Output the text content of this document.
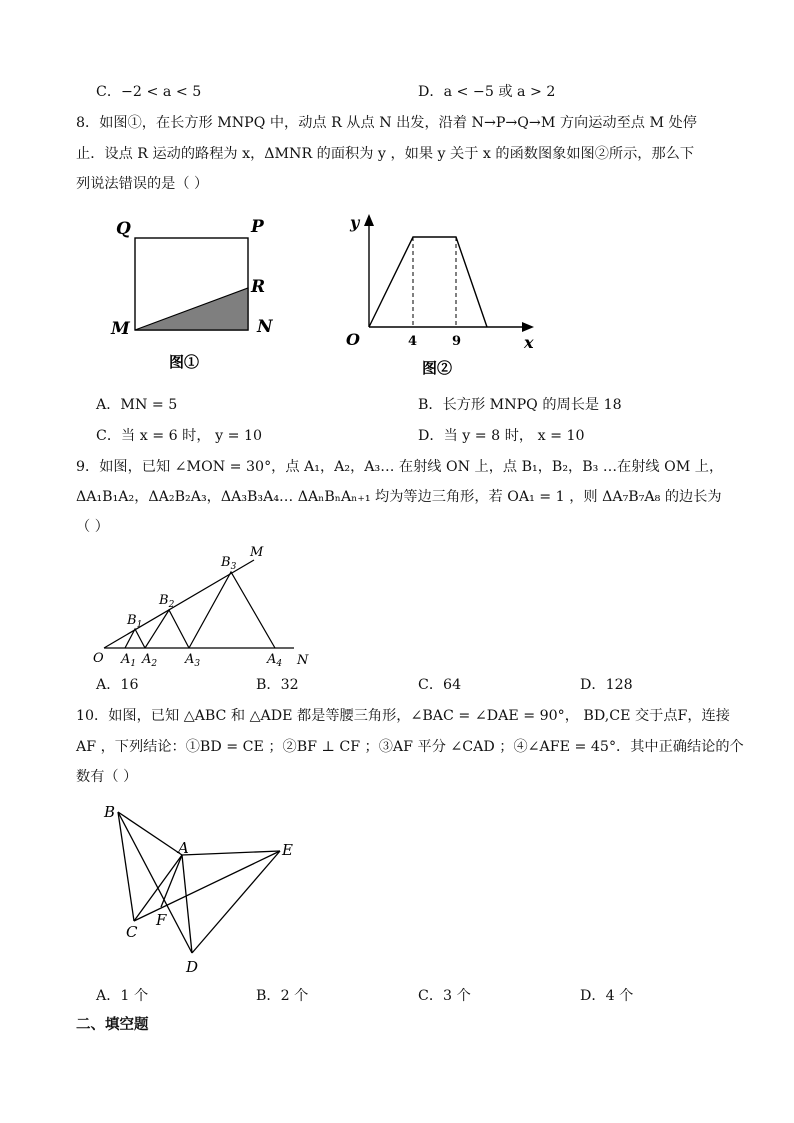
C．−2 < a < 5	D．a < −5 或 a > 2
8．如图①，在长方形 MNPQ 中，动点 R 从点 N 出发，沿着 N→P→Q→M 方向运动至点 M 处停
止．设点 R 运动的路程为 x，ΔMNR 的面积为 y ，如果 y 关于 x 的函数图象如图②所示，那么下
列说法错误的是（ ）
Q	P
R
M	N
图①
y
x
O	4	9
图②
A．MN = 5	B．长方形 MNPQ 的周长是 18
C．当 x = 6 时， y = 10	D．当 y = 8 时， x = 10
9．如图，已知 ∠MON = 30°，点 A₁，A₂，A₃… 在射线 ON 上，点 B₁，B₂，B₃ …在射线 OM 上，
ΔA₁B₁A₂，ΔA₂B₂A₃，ΔA₃B₃A₄… ΔAₙBₙAₙ₊₁ 均为等边三角形，若 OA₁ = 1 ，则 ΔA₇B₇A₈ 的边长为
（ ）
O
M
N
$A_1$ $A_2$ $A_3$	$A_4$
$B_1$
$B_2$
$B_3$
A．16	B．32	C．64	D．128
10．如图，已知 △ABC 和 △ADE 都是等腰三角形，∠BAC = ∠DAE = 90°， BD,CE 交于点F，连接
AF ，下列结论：①BD = CE ；②BF ⊥ CF ；③AF 平分 ∠CAD ；④∠AFE = 45°．其中正确结论的个
数有（ ）
B
A	E
C
F
D
A．1 个	B．2 个	C．3 个	D．4 个
二、填空题
